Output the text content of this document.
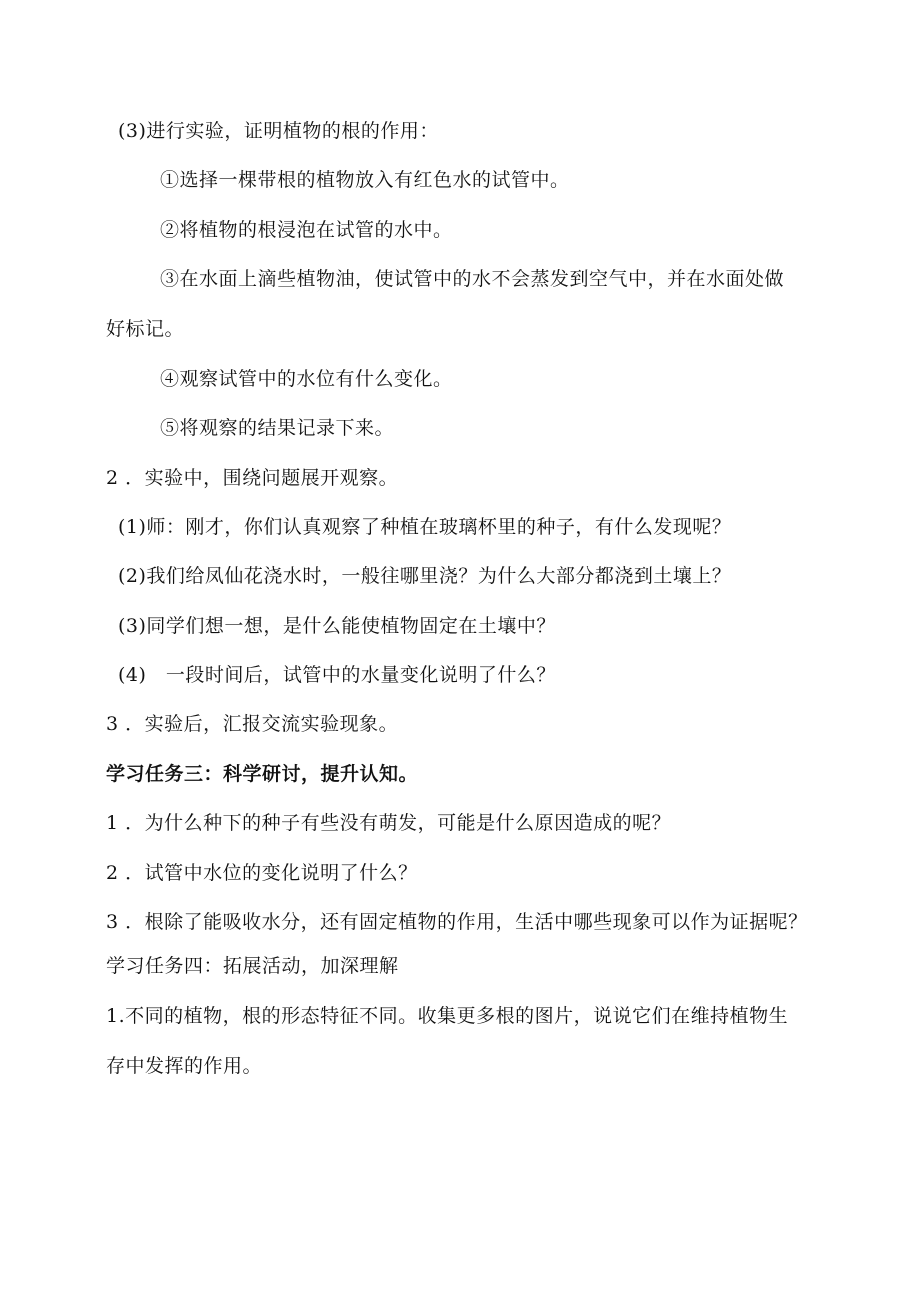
(3)进行实验，证明植物的根的作用：
①选择一棵带根的植物放入有红色水的试管中。
②将植物的根浸泡在试管的水中。
③在水面上滴些植物油，使试管中的水不会蒸发到空气中，并在水面处做
好标记。
④观察试管中的水位有什么变化。
⑤将观察的结果记录下来。
2 ．实验中，围绕问题展开观察。
(1)师：刚才，你们认真观察了种植在玻璃杯里的种子，有什么发现呢？
(2)我们给凤仙花浇水时，一般往哪里浇？为什么大部分都浇到土壤上？
(3)同学们想一想，是什么能使植物固定在土壤中？
(4)　一段时间后，试管中的水量变化说明了什么？
3 ．实验后，汇报交流实验现象。
学习任务三：科学研讨，提升认知。
1 ．为什么种下的种子有些没有萌发，可能是什么原因造成的呢？
2 ．试管中水位的变化说明了什么？
3 ．根除了能吸收水分，还有固定植物的作用，生活中哪些现象可以作为证据呢？
学习任务四：拓展活动，加深理解
1.不同的植物，根的形态特征不同。收集更多根的图片，说说它们在维持植物生
存中发挥的作用。
